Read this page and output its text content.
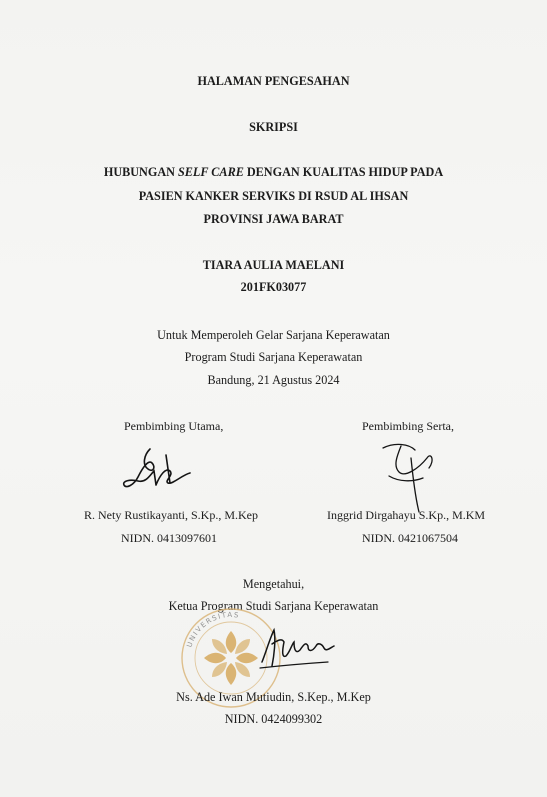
HALAMAN PENGESAHAN
SKRIPSI
HUBUNGAN SELF CARE DENGAN KUALITAS HIDUP PADA
PASIEN KANKER SERVIKS DI RSUD AL IHSAN
PROVINSI JAWA BARAT
TIARA AULIA MAELANI
201FK03077
Untuk Memperoleh Gelar Sarjana Keperawatan
Program Studi Sarjana Keperawatan
Bandung, 21 Agustus 2024
Pembimbing Utama,
R. Nety Rustikayanti, S.Kp., M.Kep
NIDN. 0413097601
Pembimbing Serta,
Inggrid Dirgahayu S.Kp., M.KM
NIDN. 0421067504
Mengetahui,
Ketua Program Studi Sarjana Keperawatan
UNIVERSITAS
Ns. Ade Iwan Mutiudin, S.Kep., M.Kep
NIDN. 0424099302
